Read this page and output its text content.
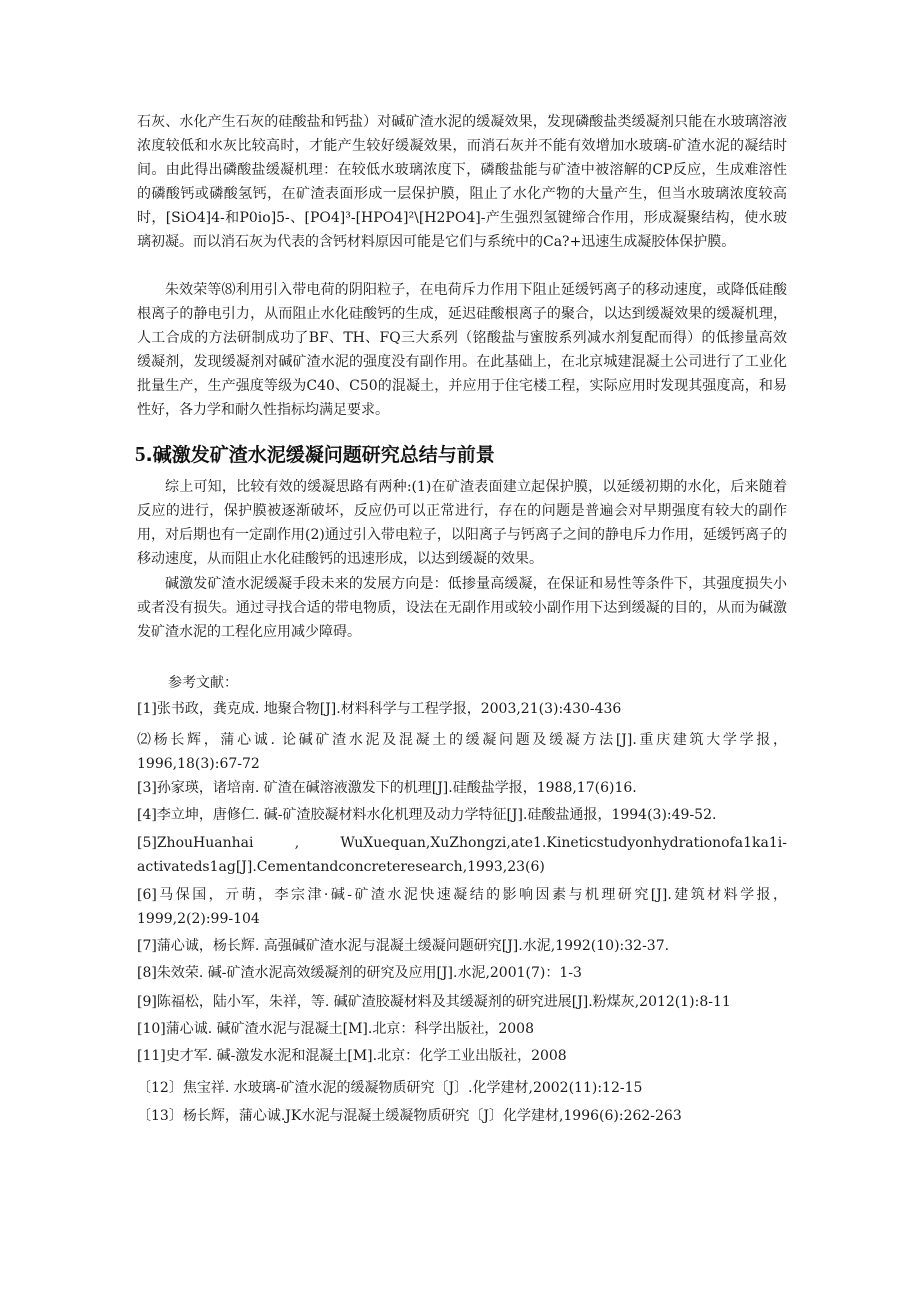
石灰、水化产生石灰的硅酸盐和钙盐）对碱矿渣水泥的缓凝效果，发现磷酸盐类缓凝剂只能在水玻璃溶液浓度较低和水灰比较高时，才能产生较好缓凝效果，而消石灰并不能有效增加水玻璃-矿渣水泥的凝结时间。由此得出磷酸盐缓凝机理：在较低水玻璃浓度下，磷酸盐能与矿渣中被溶解的CP反应，生成难溶性的磷酸钙或磷酸氢钙，在矿渣表面形成一层保护膜，阻止了水化产物的大量产生，但当水玻璃浓度较高时，[SiO4]4-和P0io]5-、[PO4]³-[HPO4]²\[H2PO4]-产生强烈氢键缔合作用，形成凝聚结构，使水玻璃初凝。而以消石灰为代表的含钙材料原因可能是它们与系统中的Ca?+迅速生成凝胶体保护膜。

朱效荣等⑻利用引入带电荷的阴阳粒子，在电荷斥力作用下阻止延缓钙离子的移动速度，或降低硅酸根离子的静电引力，从而阻止水化硅酸钙的生成，延迟硅酸根离子的聚合，以达到缓凝效果的缓凝机理，人工合成的方法研制成功了BF、TH、FQ三大系列（铭酸盐与蜜胺系列减水剂复配而得）的低掺量高效缓凝剂，发现缓凝剂对碱矿渣水泥的强度没有副作用。在此基础上，在北京城建混凝土公司进行了工业化批量生产，生产强度等级为C40、C50的混凝土，并应用于住宅楼工程，实际应用时发现其强度高，和易性好，各力学和耐久性指标均满足要求。

5.碱激发矿渣水泥缓凝问题研究总结与前景

综上可知，比较有效的缓凝思路有两种:(1)在矿渣表面建立起保护膜，以延缓初期的水化，后来随着反应的进行，保护膜被逐渐破坏，反应仍可以正常进行，存在的问题是普遍会对早期强度有较大的副作用，对后期也有一定副作用(2)通过引入带电粒子，以阳离子与钙离子之间的静电斥力作用，延缓钙离子的移动速度，从而阻止水化硅酸钙的迅速形成，以达到缓凝的效果。

碱激发矿渣水泥缓凝手段未来的发展方向是：低掺量高缓凝，在保证和易性等条件下，其强度损失小或者没有损失。通过寻找合适的带电物质，设法在无副作用或较小副作用下达到缓凝的目的，从而为碱激发矿渣水泥的工程化应用减少障碍。

参考文献：

[1]张书政，龚克成. 地聚合物[J].材料科学与工程学报，2003,21(3):430-436

⑵杨长辉，蒲心诚. 论碱矿渣水泥及混凝土的缓凝问题及缓凝方法[J].重庆建筑大学学报，1996,18(3):67-72

[3]孙家瑛，诸培南. 矿渣在碱溶液激发下的机理[J].硅酸盐学报，1988,17(6)16.

[4]李立坤，唐修仁. 碱-矿渣胶凝材料水化机理及动力学特征[J].硅酸盐通报，1994(3):49-52.

[5]ZhouHuanhai , WuXuequan,XuZhongzi,ate1.Kineticstudyonhydrationofa1ka1i-activateds1ag[J].Cementandconcreteresearch,1993,23(6)

[6]马保国，亓萌，李宗津·碱-矿渣水泥快速凝结的影响因素与机理研究[J].建筑材料学报，1999,2(2):99-104

[7]蒲心诚，杨长辉. 高强碱矿渣水泥与混凝土缓凝问题研究[J].水泥,1992(10):32-37.

[8]朱效荣. 碱-矿渣水泥高效缓凝剂的研究及应用[J].水泥,2001(7)：1-3

[9]陈福松，陆小军，朱祥，等. 碱矿渣胶凝材料及其缓凝剂的研究进展[J].粉煤灰,2012(1):8-11

[10]蒲心诚. 碱矿渣水泥与混凝土[M].北京：科学出版社，2008

[11]史才军. 碱-激发水泥和混凝土[M].北京：化学工业出版社，2008

〔12〕焦宝祥. 水玻璃-矿渣水泥的缓凝物质研究〔J〕.化学建材,2002(11):12-15

〔13〕杨长辉，蒲心诚.JK水泥与混凝土缓凝物质研究〔J〕化学建材,1996(6):262-263
